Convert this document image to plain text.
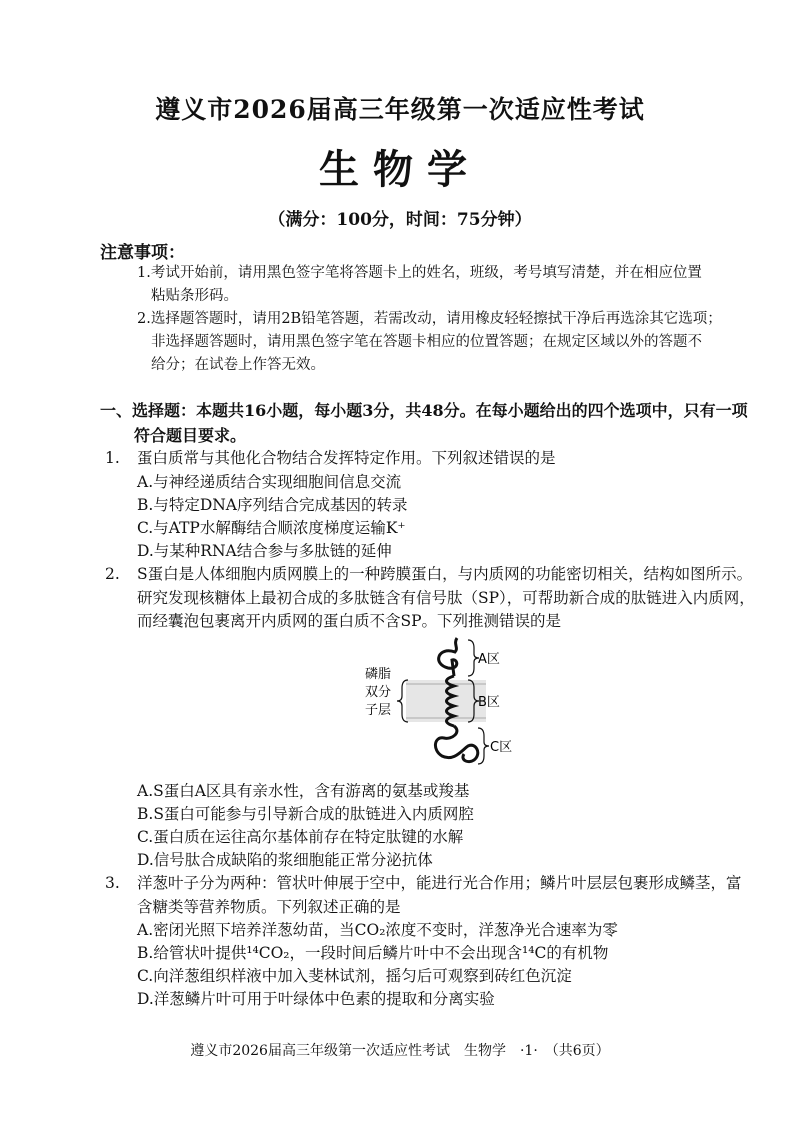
遵义市2026届高三年级第一次适应性考试
生物学
（满分：100分，时间：75分钟）
注意事项：
1.考试开始前，请用黑色签字笔将答题卡上的姓名，班级，考号填写清楚，并在相应位置
粘贴条形码。
2.选择题答题时，请用2B铅笔答题，若需改动，请用橡皮轻轻擦拭干净后再选涂其它选项；
非选择题答题时，请用黑色签字笔在答题卡相应的位置答题；在规定区域以外的答题不
给分；在试卷上作答无效。
一、选择题：本题共16小题，每小题3分，共48分。在每小题给出的四个选项中，只有一项
符合题目要求。
1.	蛋白质常与其他化合物结合发挥特定作用。下列叙述错误的是
A.与神经递质结合实现细胞间信息交流
B.与特定DNA序列结合完成基因的转录
C.与ATP水解酶结合顺浓度梯度运输K⁺
D.与某种RNA结合参与多肽链的延伸
2.	S蛋白是人体细胞内质网膜上的一种跨膜蛋白，与内质网的功能密切相关，结构如图所示。
研究发现核糖体上最初合成的多肽链含有信号肽（SP），可帮助新合成的肽链进入内质网，
而经囊泡包裹离开内质网的蛋白质不含SP。下列推测错误的是
磷脂
双分
子层
A区
B区
C区
A.S蛋白A区具有亲水性，含有游离的氨基或羧基
B.S蛋白可能参与引导新合成的肽链进入内质网腔
C.蛋白质在运往高尔基体前存在特定肽键的水解
D.信号肽合成缺陷的浆细胞能正常分泌抗体
3.	洋葱叶子分为两种：管状叶伸展于空中，能进行光合作用；鳞片叶层层包裹形成鳞茎，富
含糖类等营养物质。下列叙述正确的是
A.密闭光照下培养洋葱幼苗，当CO₂浓度不变时，洋葱净光合速率为零
B.给管状叶提供¹⁴CO₂，一段时间后鳞片叶中不会出现含¹⁴C的有机物
C.向洋葱组织样液中加入斐林试剂，摇匀后可观察到砖红色沉淀
D.洋葱鳞片叶可用于叶绿体中色素的提取和分离实验
遵义市2026届高三年级第一次适应性考试　生物学　·1·　（共6页）
